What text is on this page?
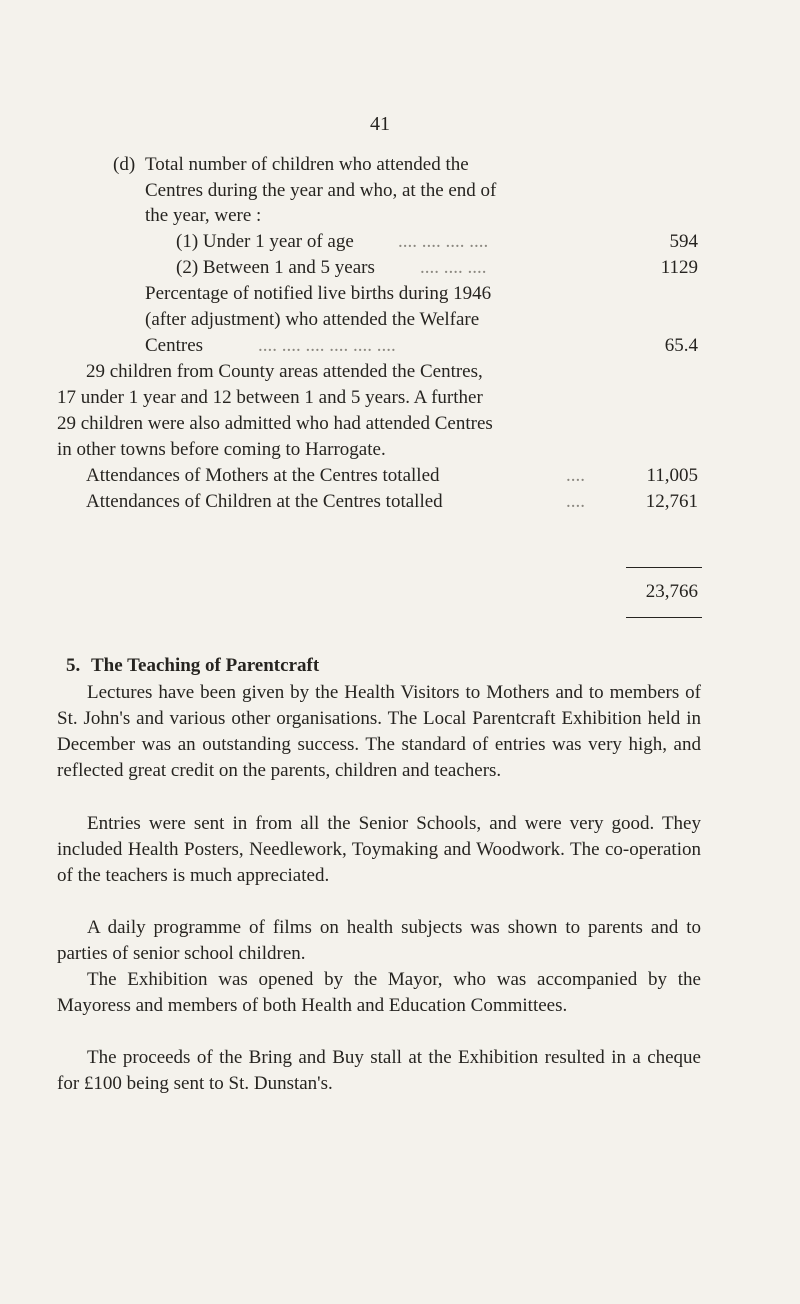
41
(d) Total number of children who attended the
Centres during the year and who, at the end of
the year, were :
(1) Under 1 year of age .... .... .... ....	594
(2) Between 1 and 5 years .... .... ....	1129
Percentage of notified live births during 1946
(after adjustment) who attended the Welfare
Centres	.... .... .... .... .... ....	65.4
29 children from County areas attended the Centres,
17 under 1 year and 12 between 1 and 5 years. A further
29 children were also admitted who had attended Centres
in other towns before coming to Harrogate.
Attendances of Mothers at the Centres totalled	....	11,005
Attendances of Children at the Centres totalled	....	12,761
23,766
5. The Teaching of Parentcraft
Lectures have been given by the Health Visitors to Mothers and to members of St. John's and various other organisations. The Local Parentcraft Exhibition held in December was an outstanding success. The standard of entries was very high, and reflected great credit on the parents, children and teachers.
Entries were sent in from all the Senior Schools, and were very good. They included Health Posters, Needlework, Toymaking and Woodwork. The co-operation of the teachers is much appreciated.
A daily programme of films on health subjects was shown to parents and to parties of senior school children.
The Exhibition was opened by the Mayor, who was accompanied by the Mayoress and members of both Health and Education Committees.
The proceeds of the Bring and Buy stall at the Exhibition resulted in a cheque for £100 being sent to St. Dunstan's.
